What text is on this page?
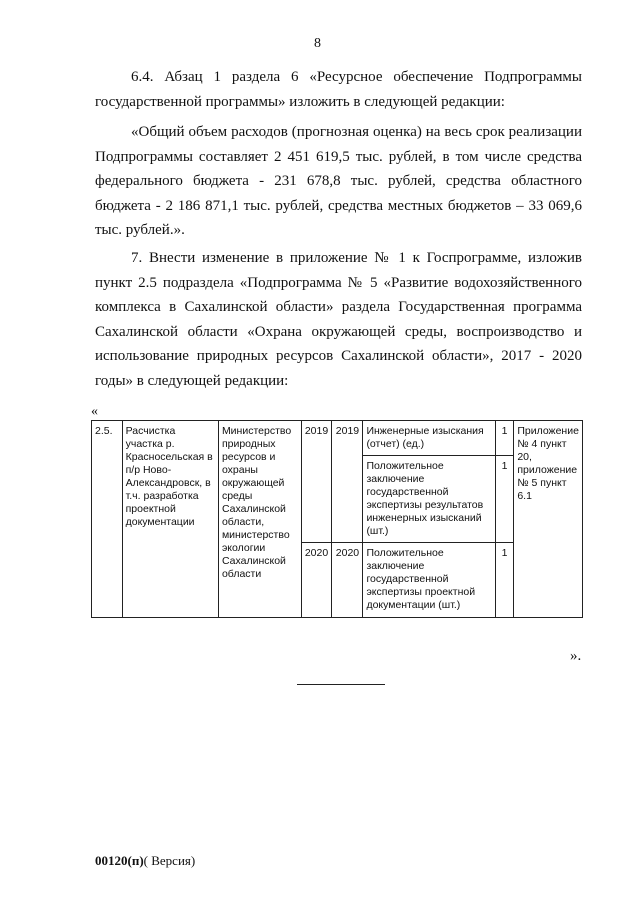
8

6.4. Абзац 1 раздела 6 «Ресурсное обеспечение Подпрограммы государственной программы» изложить в следующей редакции:

«Общий объем расходов (прогнозная оценка) на весь срок реализации Подпрограммы составляет 2 451 619,5 тыс. рублей, в том числе средства федерального бюджета - 231 678,8 тыс. рублей, средства областного бюджета - 2 186 871,1 тыс. рублей, средства местных бюджетов – 33 069,6 тыс. рублей.».

7. Внести изменение в приложение № 1 к Госпрограмме, изложив пункт 2.5 подраздела «Подпрограмма № 5 «Развитие водохозяйственного комплекса в Сахалинской области» раздела Государственная программа Сахалинской области «Охрана окружающей среды, воспроизводство и использование природных ресурсов Сахалинской области», 2017 - 2020 годы» в следующей редакции:

«
2.5.	Расчистка участка р. Красносельская в п/р Ново-Александровск, в т.ч. разработка проектной документации	Министерство природных ресурсов и охраны окружающей среды Сахалинской области, министерство экологии Сахалинской области	2019	2019	Инженерные изыскания (отчет) (ед.)	1	Приложение № 4 пункт 20, приложение № 5 пункт 6.1
					Положительное заключение государственной экспертизы результатов инженерных изысканий (шт.)	1	
			2020	2020	Положительное заключение государственной экспертизы проектной документации (шт.)	1	
».
00120(п)( Версия)
